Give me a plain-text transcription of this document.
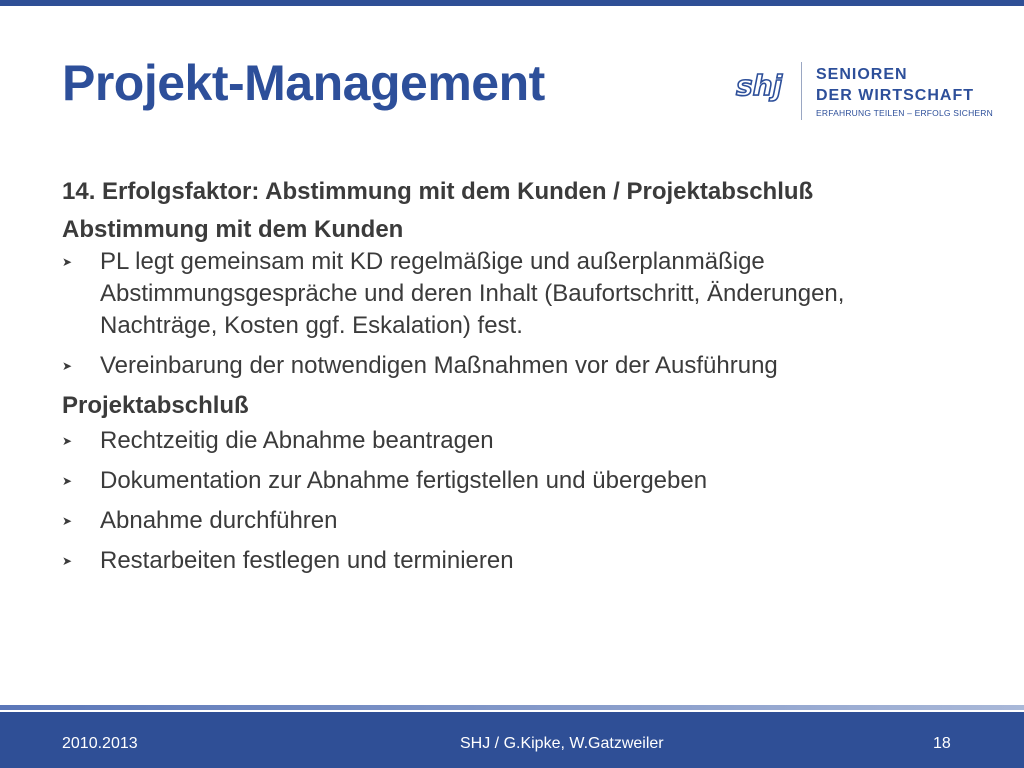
Projekt-Management	shj SENIOREN
DER WIRTSCHAFT
ERFAHRUNG TEILEN – ERFOLG SICHERN

14. Erfolgsfaktor: Abstimmung mit dem Kunden / Projektabschluß

Abstimmung mit dem Kunden

➤ PL legt gemeinsam mit KD regelmäßige und außerplanmäßige Abstimmungsgespräche und deren Inhalt (Baufortschritt, Änderungen, Nachträge, Kosten ggf. Eskalation) fest.
➤ Vereinbarung der notwendigen Maßnahmen vor der Ausführung

Projektabschluß

➤ Rechtzeitig die Abnahme beantragen
➤ Dokumentation zur Abnahme fertigstellen und übergeben
➤ Abnahme durchführen
➤ Restarbeiten festlegen und terminieren
2010.2013	SHJ / G.Kipke, W.Gatzweiler	18
